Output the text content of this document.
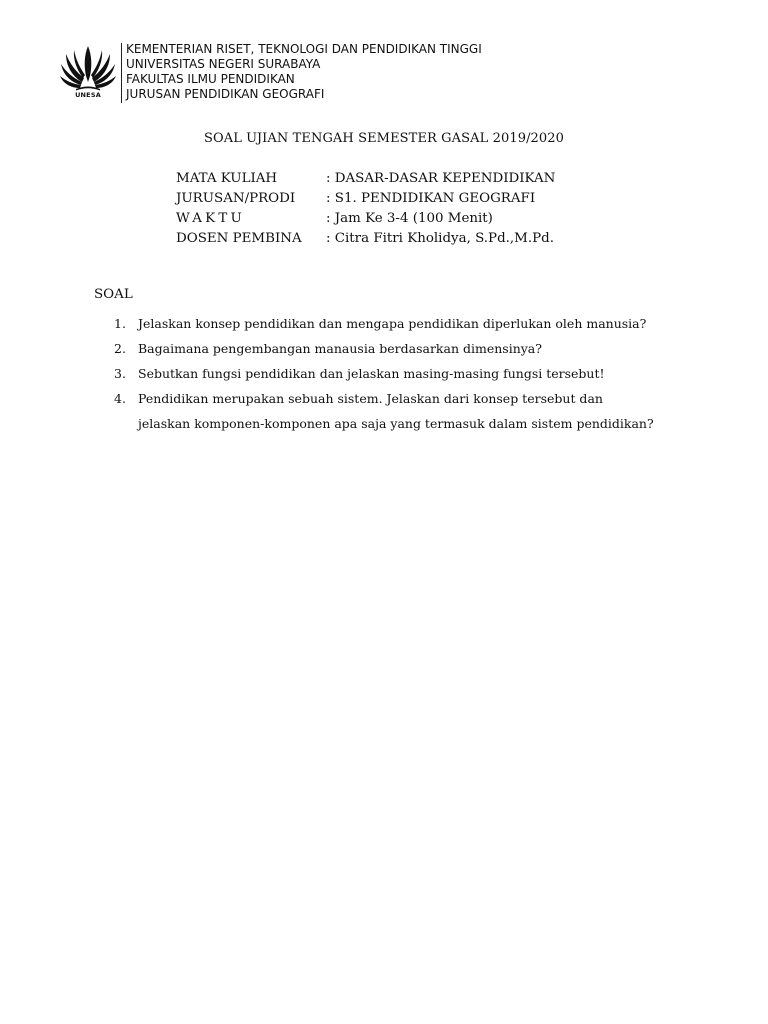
UNESA
KEMENTERIAN RISET, TEKNOLOGI DAN PENDIDIKAN TINGGI
UNIVERSITAS NEGERI SURABAYA
FAKULTAS ILMU PENDIDIKAN
JURUSAN PENDIDIKAN GEOGRAFI
SOAL UJIAN TENGAH SEMESTER GASAL 2019/2020
MATA KULIAH	: DASAR-DASAR KEPENDIDIKAN
JURUSAN/PRODI : S1. PENDIDIKAN GEOGRAFI
WAKTU	: Jam Ke 3-4 (100 Menit)
DOSEN PEMBINA : Citra Fitri Kholidya, S.Pd.,M.Pd.
SOAL
1. Jelaskan konsep pendidikan dan mengapa pendidikan diperlukan oleh manusia?
2. Bagaimana pengembangan manausia berdasarkan dimensinya?
3. Sebutkan fungsi pendidikan dan jelaskan masing-masing fungsi tersebut!
4. Pendidikan merupakan sebuah sistem. Jelaskan dari konsep tersebut dan jelaskan komponen-komponen apa saja yang termasuk dalam sistem pendidikan?
